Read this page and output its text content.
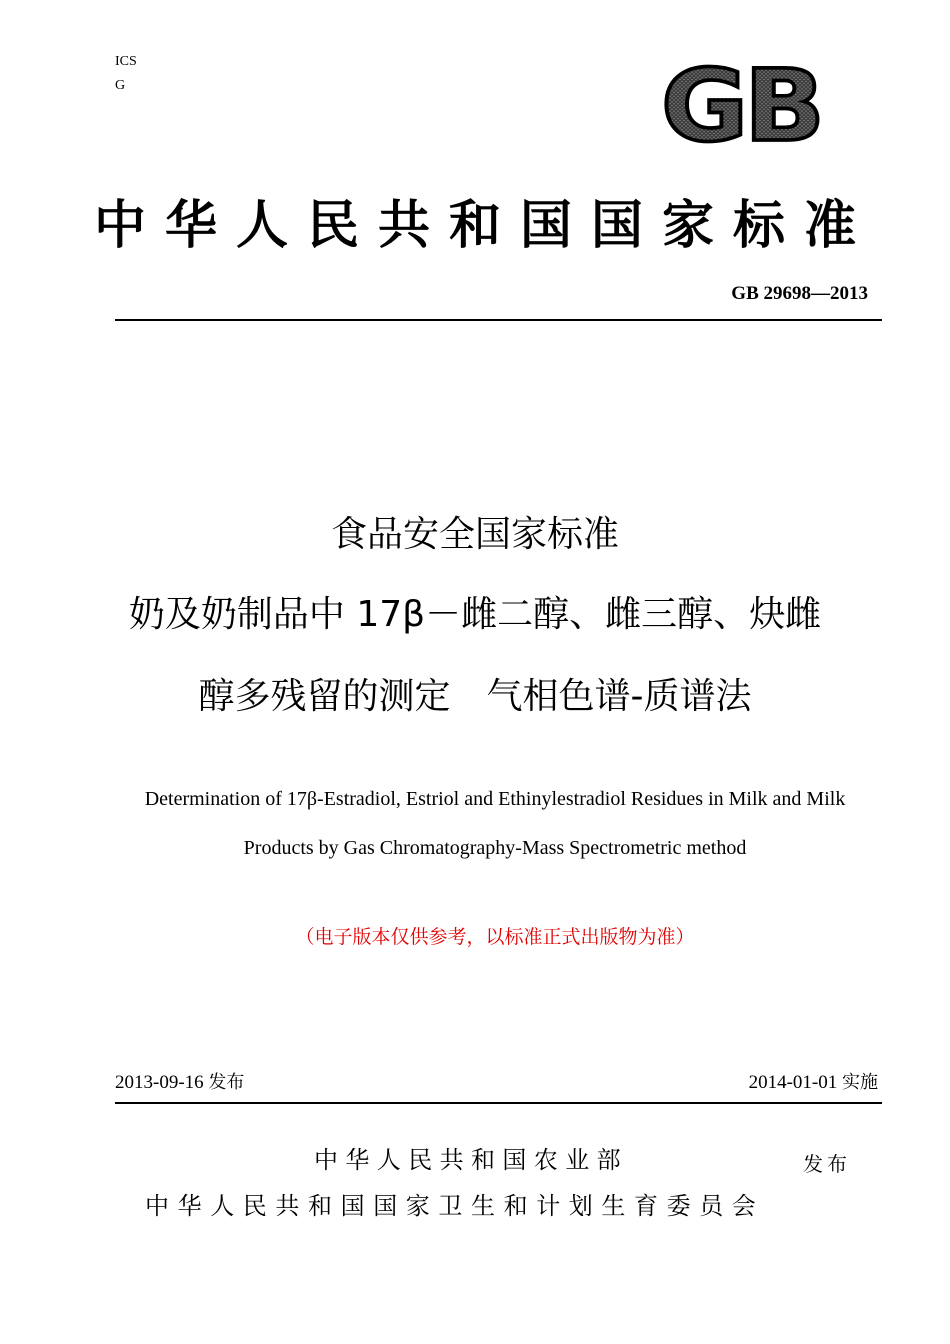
ICS
G	GB
中华人民共和国国家标准
GB 29698—2013
食品安全国家标准
奶及奶制品中 17β－雌二醇、雌三醇、炔雌
醇多残留的测定　气相色谱-质谱法
Determination of 17β-Estradiol, Estriol and Ethinylestradiol Residues in Milk and Milk
Products by Gas Chromatography-Mass Spectrometric method
（电子版本仅供参考，以标准正式出版物为准）
2013-09-16 发布	2014-01-01 实施
中华人民共和国农业部	发布
中华人民共和国国家卫生和计划生育委员会
